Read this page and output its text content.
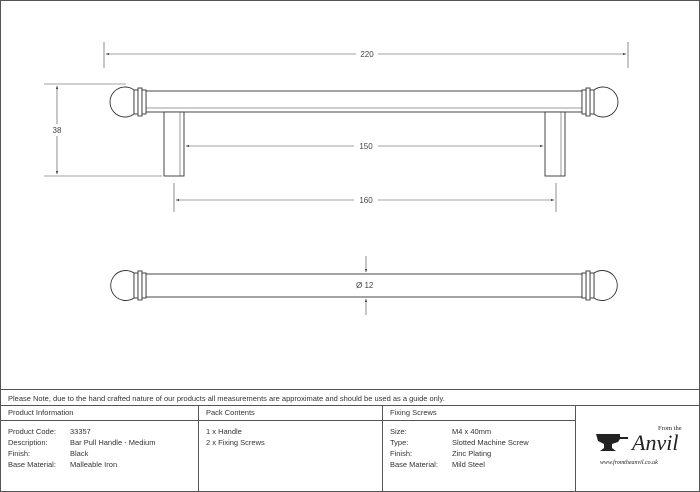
220
38
150
160
Ø 12
Please Note, due to the hand crafted nature of our products all measurements are approximate and should be used as a guide only.
Product Information
Product Code:	33357
Description:	Bar Pull Handle - Medium
Finish:	Black
Base Material:	Malleable Iron
Pack Contents
1 x Handle
2 x Fixing Screws
Fixing Screws
Size:	M4 x 40mm
Type:	Slotted Machine Screw
Finish:	Zinc Plating
Base Material:	Mild Steel
From the
Anvil
www.fromtheanvil.co.uk
